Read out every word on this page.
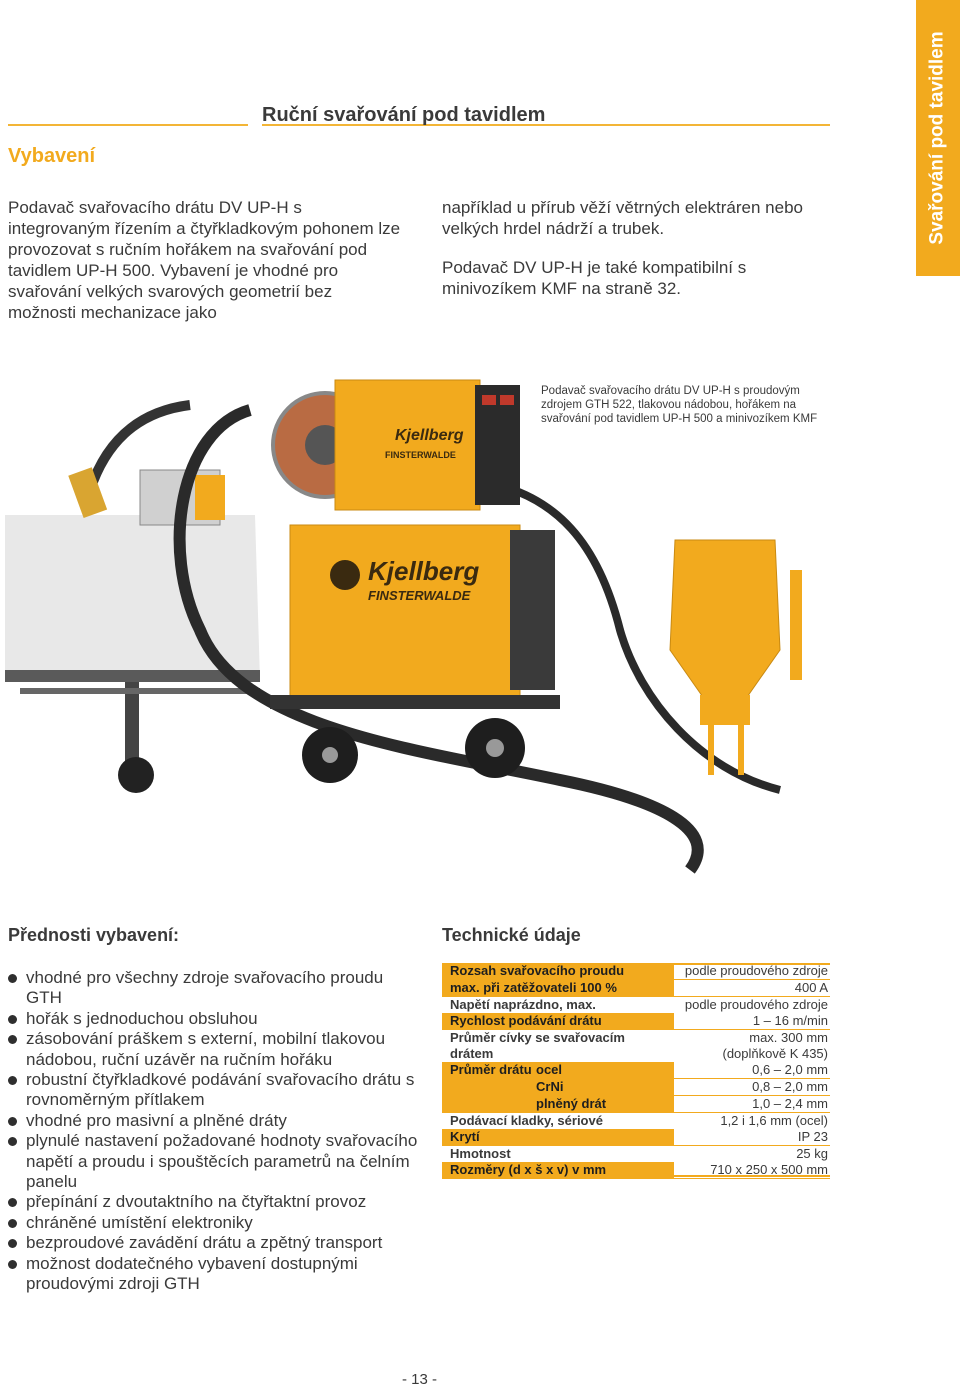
Ruční svařování pod tavidlem
Vybavení	Svařování pod tavidlem
Podavač svařovacího drátu DV UP-H s integrovaným řízením a čtyřkladkovým pohonem lze provozovat s ručním hořákem na svařování pod tavidlem UP-H 500. Vybavení je vhodné pro svařování velkých svarových geometrií bez možnosti mechanizace jako

například u přírub věží větrných elektráren nebo velkých hrdel nádrží a trubek.

Podavač DV UP-H je také kompatibilní s minivozíkem KMF na straně 32.

Kjellberg
FINSTERWALDE
Kjellberg
FINSTERWALDE
Podavač svařovacího drátu DV UP-H s proudovým zdrojem GTH 522, tlakovou nádobou, hořákem na svařování pod tavidlem UP-H 500 a minivozíkem KMF
Přednosti vybavení:
vhodné pro všechny zdroje svařovacího proudu GTH
hořák s jednoduchou obsluhou
zásobování práškem s externí, mobilní tlakovou nádobou, ruční uzávěr na ručním hořáku
robustní čtyřkladkové podávání svařovacího drátu s rovnoměrným přítlakem
vhodné pro masivní a plněné dráty
plynulé nastavení požadované hodnoty svařovacího napětí a proudu i spouštěcích parametrů na čelním panelu
přepínání z dvoutaktního na čtyřtaktní provoz
chráněné umístění elektroniky
bezproudové zavádění drátu a zpětný transport
možnost dodatečného vybavení dostupnými proudovými zdroji GTH
Technické údaje
Rozsah svařovacího proudu	podle proudového zdroje
max. při zatěžovateli 100 %	400 A
Napětí naprázdno, max.	podle proudového zdroje
Rychlost podávání drátu	1 – 16 m/min
Průměr cívky se svařovacím	max. 300 mm
drátem	(doplňkově K 435)
Průměr drátu ocel	0,6 – 2,0 mm
CrNi	0,8 – 2,0 mm
plněný drát	1,0 – 2,4 mm
Podávací kladky, sériové	1,2 i 1,6 mm (ocel)
Krytí	IP 23
Hmotnost	25 kg
Rozměry (d x š x v) v mm	710 x 250 x 500 mm
- 13 -
